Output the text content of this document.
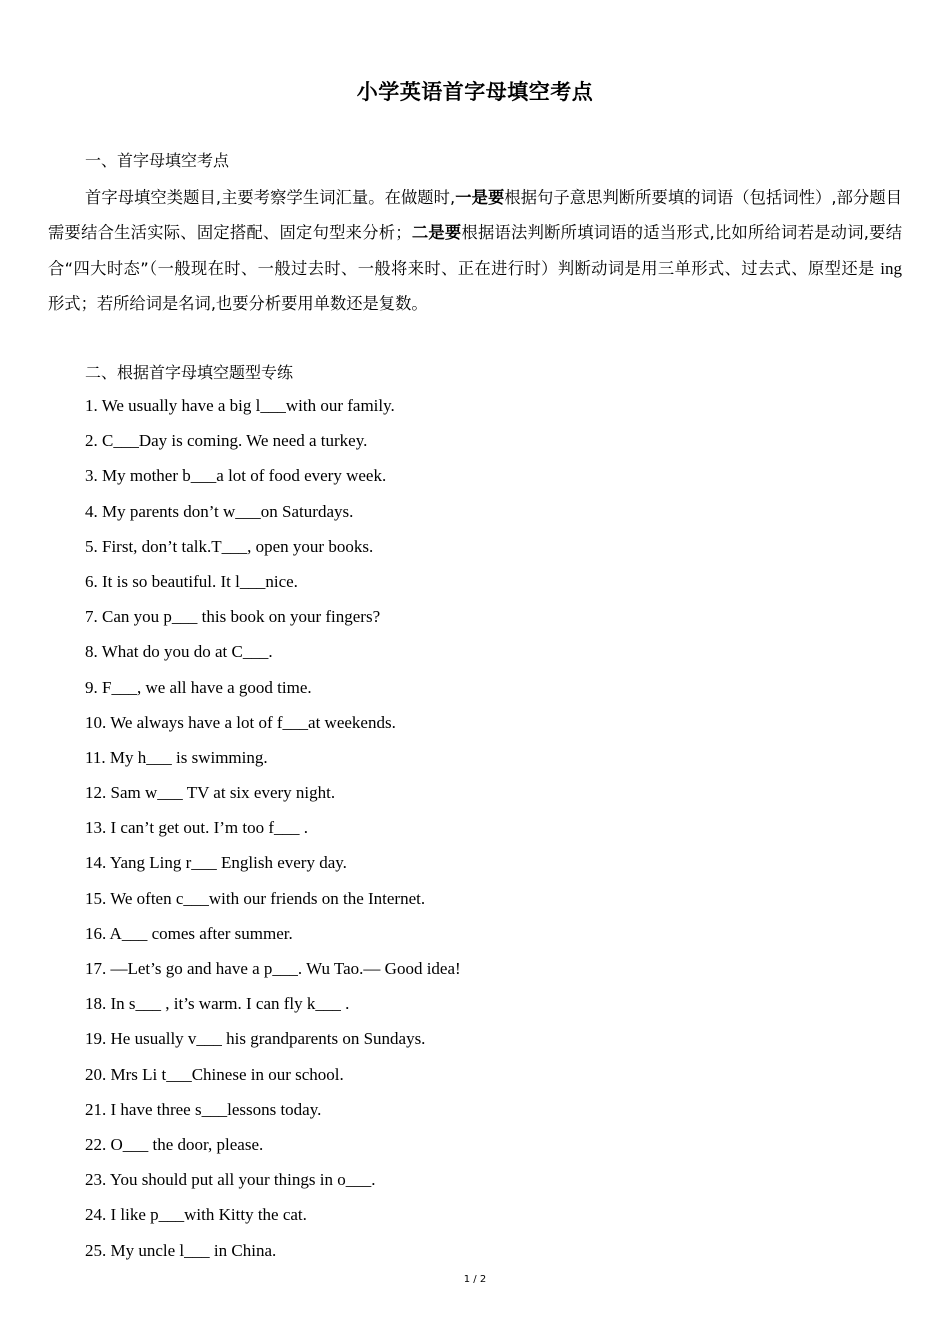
小学英语首字母填空考点
一、首字母填空考点
首字母填空类题目,主要考察学生词汇量。在做题时,一是要根据句子意思判断所要填的词语（包括词性）,部分题目需要结合生活实际、固定搭配、固定句型来分析；二是要根据语法判断所填词语的适当形式,比如所给词若是动词,要结合“四大时态”（一般现在时、一般过去时、一般将来时、正在进行时）判断动词是用三单形式、过去式、原型还是 ing 形式；若所给词是名词,也要分析要用单数还是复数。
二、根据首字母填空题型专练
1. We usually have a big l___with our family.
2. C___Day is coming. We need a turkey.
3. My mother b___a lot of food every week.
4. My parents don’t w___on Saturdays.
5. First, don’t talk.T___, open your books.
6. It is so beautiful. It l___nice.
7. Can you p___ this book on your fingers?
8. What do you do at C___.
9. F___, we all have a good time.
10. We always have a lot of f___at weekends.
11. My h___ is swimming.
12. Sam w___ TV at six every night.
13. I can’t get out. I’m too f___ .
14. Yang Ling r___ English every day.
15. We often c___with our friends on the Internet.
16. A___ comes after summer.
17. —Let’s go and have a p___. Wu Tao.— Good idea!
18. In s___ , it’s warm. I can fly k___ .
19. He usually v___ his grandparents on Sundays.
20. Mrs Li t___Chinese in our school.
21. I have three s___lessons today.
22. O___ the door, please.
23. You should put all your things in o___.
24. I like p___with Kitty the cat.
25. My uncle l___ in China.
1 / 2
